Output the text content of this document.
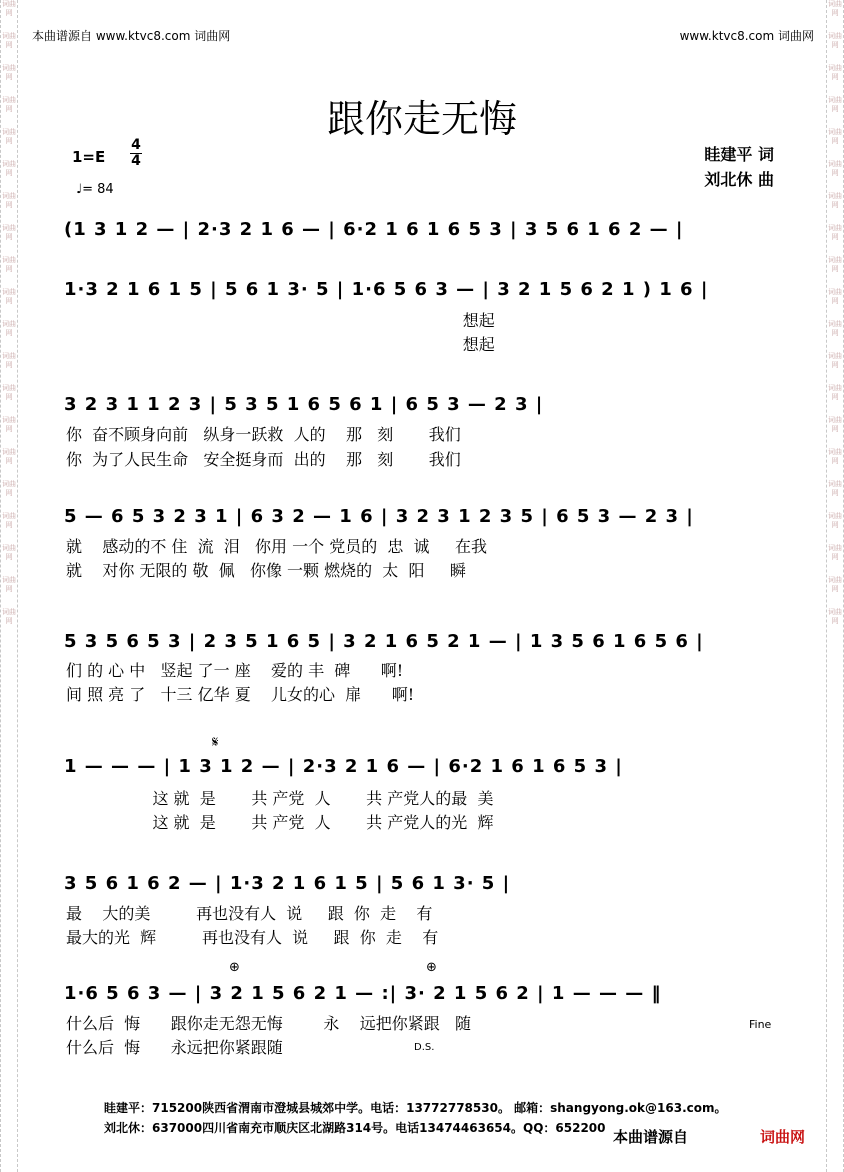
词曲网
词曲网
词曲网
词曲网
词曲网
词曲网
词曲网
词曲网
词曲网
词曲网
词曲网
词曲网
词曲网
词曲网
词曲网
词曲网
词曲网
词曲网
词曲网
词曲网
词曲网
词曲网
词曲网
词曲网
词曲网
词曲网
词曲网
词曲网
词曲网
词曲网
词曲网
词曲网
词曲网
词曲网
词曲网
词曲网
词曲网
词曲网
词曲网
词曲网
本曲谱源自 www.ktvc8.com 词曲网	www.ktvc8.com 词曲网
跟你走无悔
1=E
4
4
♩= 84
眭建平 词
刘北休 曲
(1 3 1 2 — | 2·3 2 1 6 — | 6·2 1 6 1 6 5 3 | 3 5 6 1 6 2 — |
1·3 2 1 6 1 5 | 5 6 1 3· 5 | 1·6 5 6 3 — | 3 2 1 5 6 2 1 ) 1 6 |
想起
想起
3 2 3 1 1 2 3 | 5 3 5 1 6 5 6 1 | 6 5 3 — 2 3 |
你  奋不顾身向前   纵身一跃救  人的    那   刻       我们
你  为了人民生命   安全挺身而  出的    那   刻       我们
5 — 6 5 3 2 3 1 | 6 3 2 — 1 6 | 3 2 3 1 2 3 5 | 6 5 3 — 2 3 |
就    感动的不 住  流  泪   你用 一个 党员的  忠  诚     在我
就    对你 无限的 敬  佩   你像 一颗 燃烧的  太  阳     瞬
5 3 5 6 5 3 | 2 3 5 1 6 5 | 3 2 1 6 5 2 1 — | 1 3 5 6 1 6 5 6 |
们 的 心 中   竖起 了一 座    爱的 丰  碑      啊!
间 照 亮 了   十三 亿华 夏    儿女的心  扉      啊!
𝄋
1 — — — | 1 3 1 2 — | 2·3 2 1 6 — | 6·2 1 6 1 6 5 3 |
这 就  是       共 产党  人       共 产党人的最  美
这 就  是       共 产党  人       共 产党人的光  辉
3 5 6 1 6 2 — | 1·3 2 1 6 1 5 | 5 6 1 3· 5 |
最    大的美         再也没有人  说     跟  你  走    有
最大的光  辉         再也没有人  说     跟  你  走    有
⊕	⊕
1·6 5 6 3 — | 3 2 1 5 6 2 1 — :| 3· 2 1 5 6 2 | 1 — — — ‖
什么后  悔      跟你走无怨无悔        永    远把你紧跟   随
什么后  悔      永远把你紧跟随
Fine
D.S.
眭建平：715200陕西省渭南市澄城县城郊中学。电话：13772778530。 邮箱：shangyong.ok@163.com。
刘北休：637000四川省南充市顺庆区北湖路314号。电话13474463654。QQ：652200 本曲谱源自	词曲网
